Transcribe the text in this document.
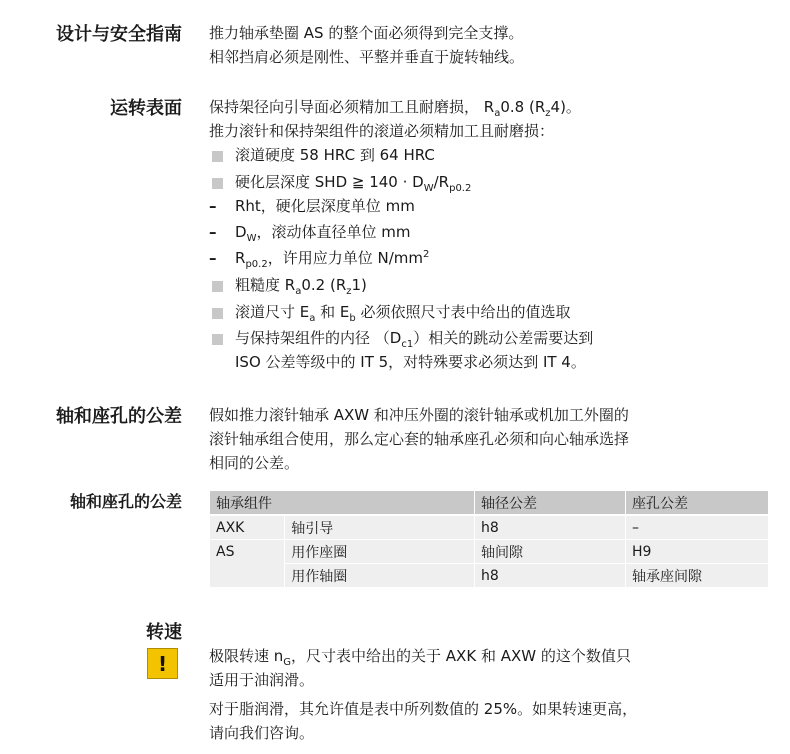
设计与安全指南 推力轴承垫圈 AS 的整个面必须得到完全支撑。

相邻挡肩必须是刚性、平整并垂直于旋转轴线。

运转表面 保持架径向引导面必须精加工且耐磨损， $R_a0.8$ $(R_z4)$。

推力滚针和保持架组件的滚道必须精加工且耐磨损：

滚道硬度 58 HRC 到 64 HRC
硬化层深度 SHD ≧ $140 \cdot D_W/R_{p0.2}$
– Rht，硬化层深度单位 mm
– $D_W$，滚动体直径单位 mm
– $R_{p0.2}$，许用应力单位 $N/mm^2$
粗糙度 $R_a0.2$ $(R_z1)$
滚道尺寸 $E_a$ 和 $E_b$ 必须依照尺寸表中给出的值选取
与保持架组件的内径 $(D_{c1})$相关的跳动公差需要达到
ISO 公差等级中的 IT 5，对特殊要求必须达到 IT 4。
轴和座孔的公差 假如推力滚针轴承 AXW 和冲压外圈的滚针轴承或机加工外圈的

滚针轴承组合使用，那么定心套的轴承座孔必须和向心轴承选择

相同的公差。

轴和座孔的公差 轴承组件		轴径公差	座孔公差
AXK	轴引导	h8	–
AS	用作座圈	轴间隙	H9
	用作轴圈	h8	轴承座间隙
转速
!	极限转速 $n_G$，尺寸表中给出的关于 AXK 和 AXW 的这个数值只

适用于油润滑。

对于脂润滑，其允许值是表中所列数值的 25%。如果转速更高，

请向我们咨询。
